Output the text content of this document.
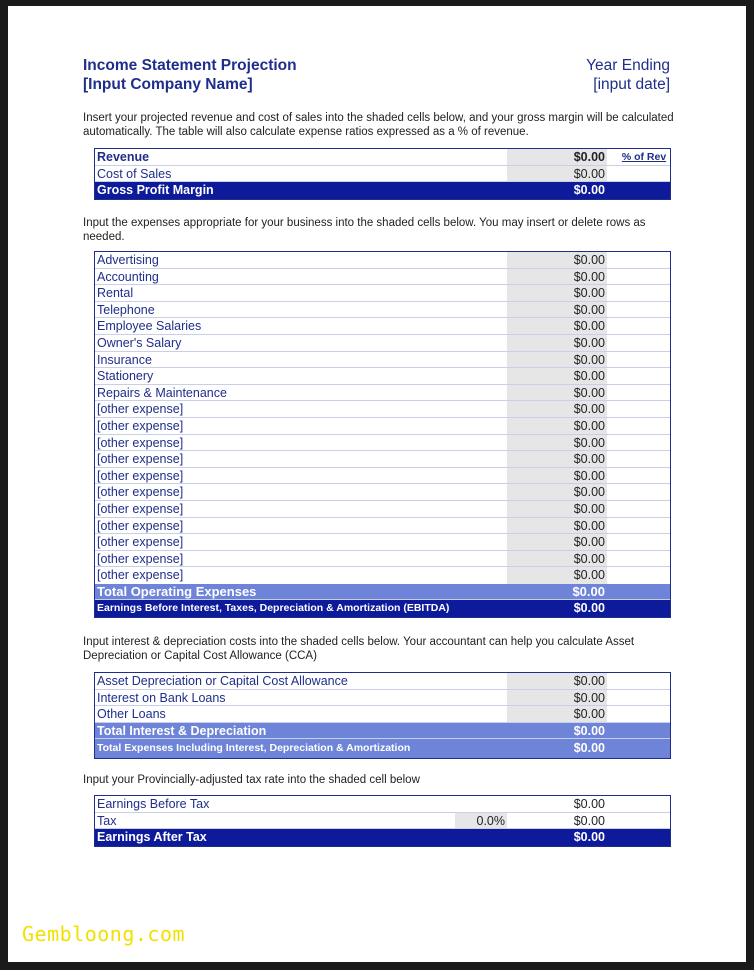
Income Statement Projection
[Input Company Name]
Year Ending
[input date]
Insert your projected revenue and cost of sales into the shaded cells below, and your gross margin will be calculated automatically. The table will also calculate expense ratios expressed as a % of revenue.
Revenue	$0.00 % of Rev
Cost of Sales	$0.00
Gross Profit Margin	$0.00
Input the expenses appropriate for your business into the shaded cells below. You may insert or delete rows as needed.
Advertising	$0.00
Accounting	$0.00
Rental	$0.00
Telephone	$0.00
Employee Salaries	$0.00
Owner's Salary	$0.00
Insurance	$0.00
Stationery	$0.00
Repairs & Maintenance	$0.00
[other expense]	$0.00
[other expense]	$0.00
[other expense]	$0.00
[other expense]	$0.00
[other expense]	$0.00
[other expense]	$0.00
[other expense]	$0.00
[other expense]	$0.00
[other expense]	$0.00
[other expense]	$0.00
[other expense]	$0.00
Total Operating Expenses	$0.00
Earnings Before Interest, Taxes, Depreciation & Amortization (EBITDA)	$0.00
Input interest & depreciation costs into the shaded cells below. Your accountant can help you calculate Asset Depreciation or Capital Cost Allowance (CCA)
Asset Depreciation or Capital Cost Allowance	$0.00
Interest on Bank Loans	$0.00
Other Loans	$0.00
Total Interest & Depreciation	$0.00
Total Expenses Including Interest, Depreciation & Amortization	$0.00
Input your Provincially-adjusted tax rate into the shaded cell below
Earnings Before Tax	$0.00
Tax	0.0%	$0.00
Earnings After Tax	$0.00
Gembloong.com
